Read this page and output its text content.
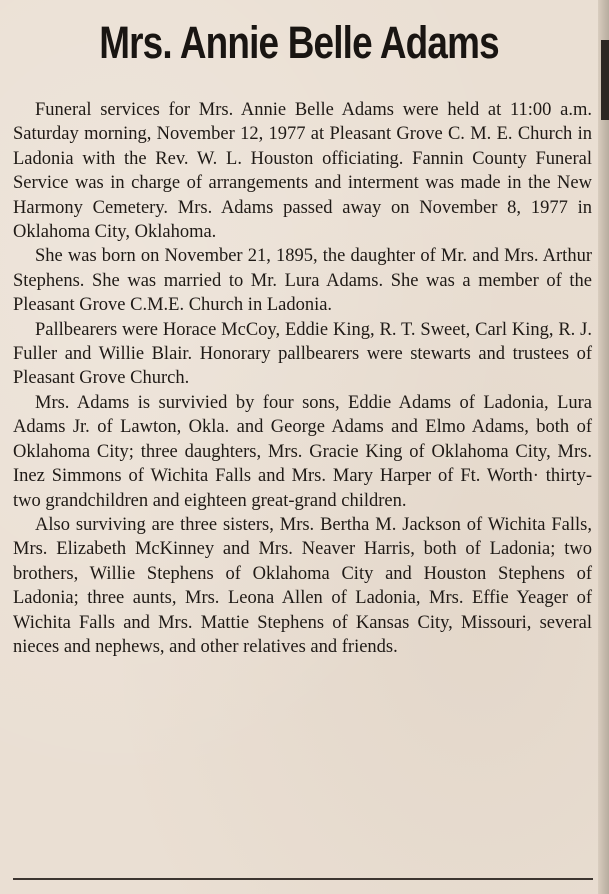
Mrs. Annie Belle Adams

Funeral services for Mrs. Annie Belle Adams were held at 11:00 a.m. Saturday morning, November 12, 1977 at Pleasant Grove C. M. E. Church in Ladonia with the Rev. W. L. Houston officiating. Fannin County Funeral Service was in charge of arrangements and interment was made in the New Harmony Cemetery. Mrs. Adams passed away on November 8, 1977 in Oklahoma City, Oklahoma.

She was born on November 21, 1895, the daughter of Mr. and Mrs. Arthur Stephens. She was married to Mr. Lura Adams. She was a member of the Pleasant Grove C.M.E. Church in Ladonia.

Pallbearers were Horace McCoy, Eddie King, R. T. Sweet, Carl King, R. J. Fuller and Willie Blair. Honorary pallbearers were stewarts and trustees of Pleasant Grove Church.

Mrs. Adams is survivied by four sons, Eddie Adams of Ladonia, Lura Adams Jr. of Lawton, Okla. and George Adams and Elmo Adams, both of Oklahoma City; three daughters, Mrs. Gracie King of Oklahoma City, Mrs. Inez Simmons of Wichita Falls and Mrs. Mary Harper of Ft. Worth· thirty-two grandchildren and eighteen great-grand children.

Also surviving are three sisters, Mrs. Bertha M. Jackson of Wichita Falls, Mrs. Elizabeth McKinney and Mrs. Neaver Harris, both of Ladonia; two brothers, Willie Stephens of Oklahoma City and Houston Stephens of Ladonia; three aunts, Mrs. Leona Allen of Ladonia, Mrs. Effie Yeager of Wichita Falls and Mrs. Mattie Stephens of Kansas City, Missouri, several nieces and nephews, and other relatives and friends.
